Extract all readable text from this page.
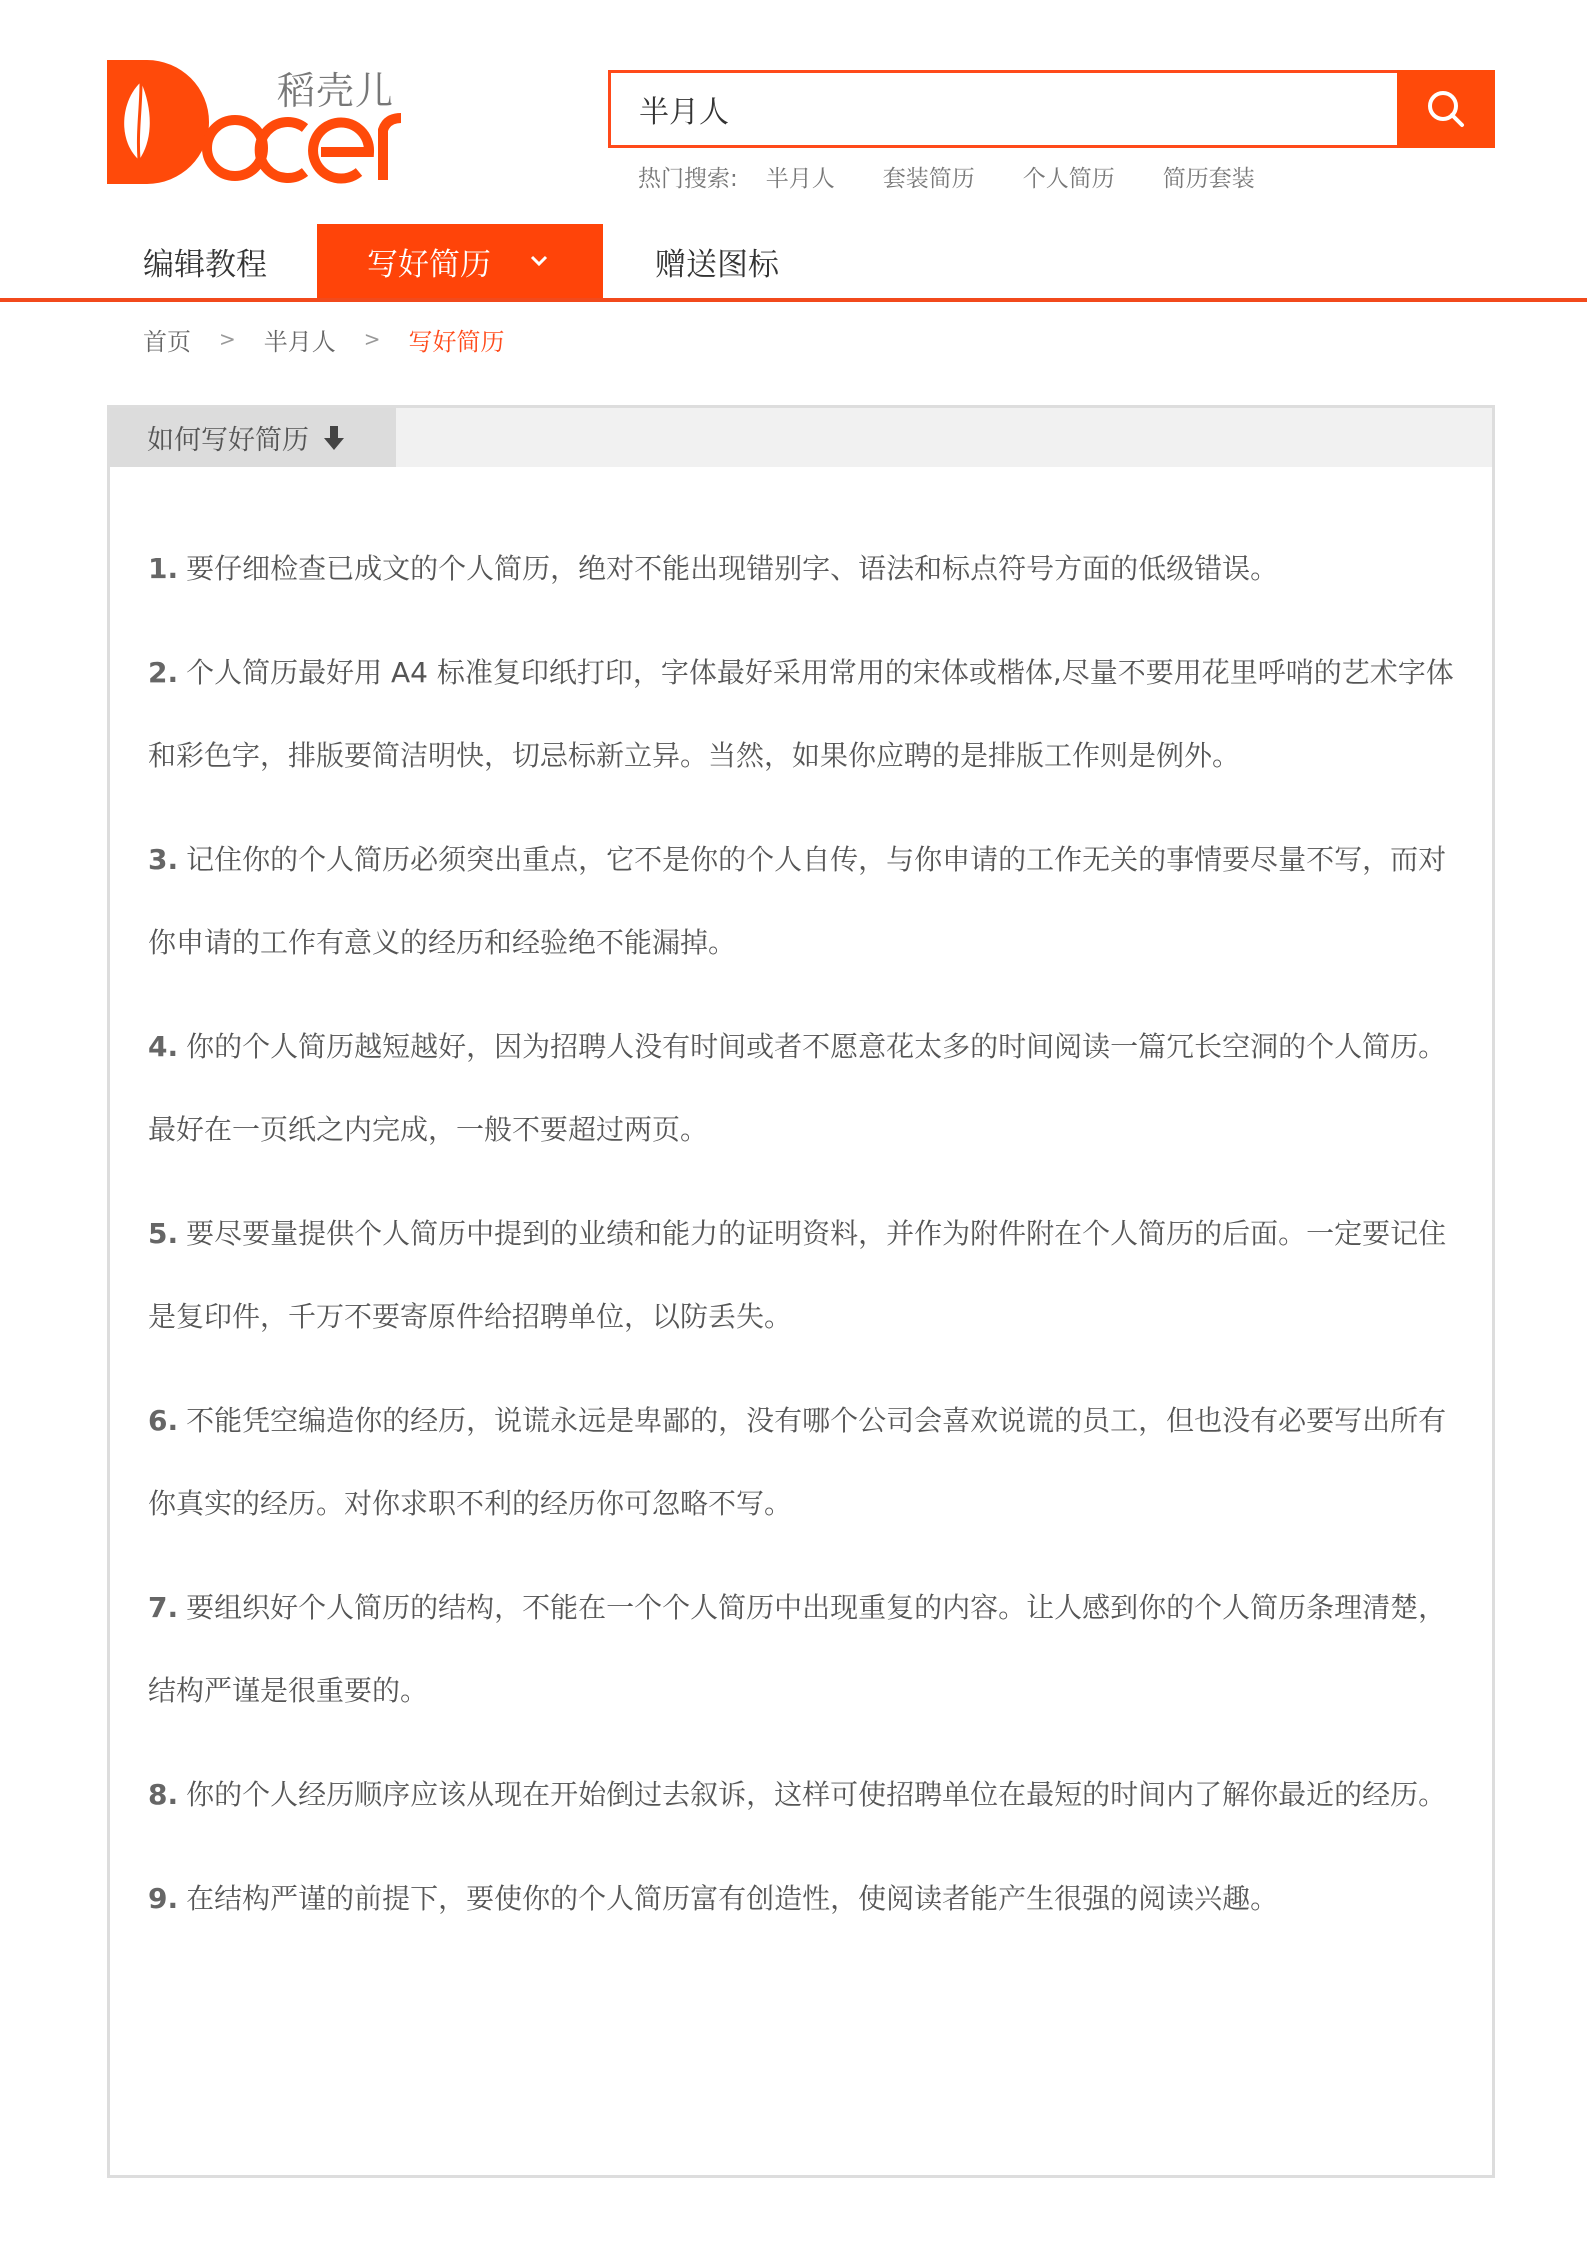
稻壳儿
半月人
热门搜索: 半月人 套装简历 个人简历 简历套装
编辑教程	写好简历	赠送图标
首页 > 半月人 > 写好简历
如何写好简历

1. 要仔细检查已成文的个人简历，绝对不能出现错别字、语法和标点符号方面的低级错误。

2. 个人简历最好用 A4 标准复印纸打印，字体最好采用常用的宋体或楷体,尽量不要用花里呼哨的艺术字体和彩色字，排版要简洁明快，切忌标新立异。当然，如果你应聘的是排版工作则是例外。

3. 记住你的个人简历必须突出重点，它不是你的个人自传，与你申请的工作无关的事情要尽量不写，而对你申请的工作有意义的经历和经验绝不能漏掉。

4. 你的个人简历越短越好，因为招聘人没有时间或者不愿意花太多的时间阅读一篇冗长空洞的个人简历。最好在一页纸之内完成，一般不要超过两页。

5. 要尽要量提供个人简历中提到的业绩和能力的证明资料，并作为附件附在个人简历的后面。一定要记住是复印件，千万不要寄原件给招聘单位，以防丢失。

6. 不能凭空编造你的经历，说谎永远是卑鄙的，没有哪个公司会喜欢说谎的员工，但也没有必要写出所有你真实的经历。对你求职不利的经历你可忽略不写。

7. 要组织好个人简历的结构，不能在一个个人简历中出现重复的内容。让人感到你的个人简历条理清楚，结构严谨是很重要的。

8. 你的个人经历顺序应该从现在开始倒过去叙诉，这样可使招聘单位在最短的时间内了解你最近的经历。

9. 在结构严谨的前提下，要使你的个人简历富有创造性，使阅读者能产生很强的阅读兴趣。
